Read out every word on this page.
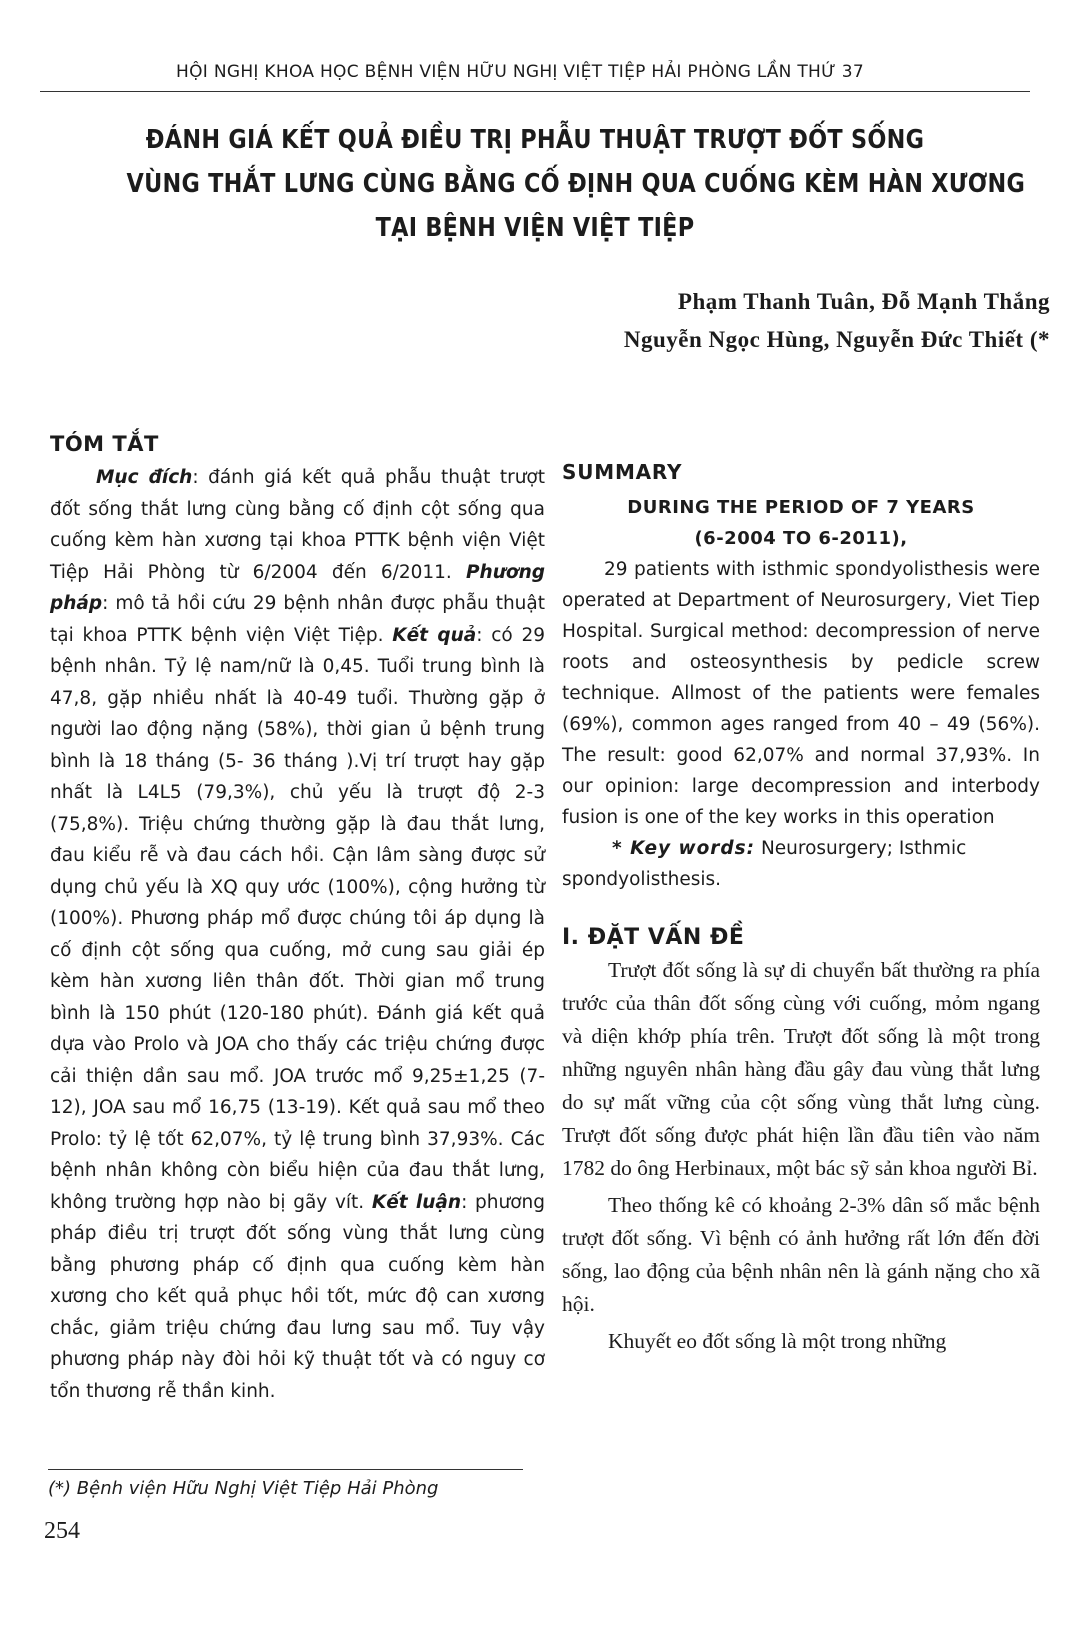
HỘI NGHỊ KHOA HỌC BỆNH VIỆN HỮU NGHỊ VIỆT TIỆP HẢI PHÒNG LẦN THỨ 37
ĐÁNH GIÁ KẾT QUẢ ĐIỀU TRỊ PHẪU THUẬT TRƯỢT ĐỐT SỐNG
VÙNG THẮT LƯNG CÙNG BẰNG CỐ ĐỊNH QUA CUỐNG KÈM HÀN XƯƠNG
TẠI BỆNH VIỆN VIỆT TIỆP
Phạm Thanh Tuân, Đỗ Mạnh Thắng
Nguyễn Ngọc Hùng, Nguyễn Đức Thiết (*
TÓM TẮT

Mục đích: đánh giá kết quả phẫu thuật trượt đốt sống thắt lưng cùng bằng cố định cột sống qua cuống kèm hàn xương tại khoa PTTK bệnh viện Việt Tiệp Hải Phòng từ 6/2004 đến 6/2011. Phương pháp: mô tả hồi cứu 29 bệnh nhân được phẫu thuật tại khoa PTTK bệnh viện Việt Tiệp. Kết quả: có 29 bệnh nhân. Tỷ lệ nam/nữ là 0,45. Tuổi trung bình là 47,8, gặp nhiều nhất là 40-49 tuổi. Thường gặp ở người lao động nặng (58%), thời gian ủ bệnh trung bình là 18 tháng (5- 36 tháng ).Vị trí trượt hay gặp nhất là L4L5 (79,3%), chủ yếu là trượt độ 2-3 (75,8%). Triệu chứng thường gặp là đau thắt lưng, đau kiểu rễ và đau cách hồi. Cận lâm sàng được sử dụng chủ yếu là XQ quy ước (100%), cộng hưởng từ (100%). Phương pháp mổ được chúng tôi áp dụng là cố định cột sống qua cuống, mở cung sau giải ép kèm hàn xương liên thân đốt. Thời gian mổ trung bình là 150 phút (120-180 phút). Đánh giá kết quả dựa vào Prolo và JOA cho thấy các triệu chứng được cải thiện dần sau mổ. JOA trước mổ 9,25±1,25 (7-12), JOA sau mổ 16,75 (13-19). Kết quả sau mổ theo Prolo: tỷ lệ tốt 62,07%, tỷ lệ trung bình 37,93%. Các bệnh nhân không còn biểu hiện của đau thắt lưng, không trường hợp nào bị gãy vít. Kết luận: phương pháp điều trị trượt đốt sống vùng thắt lưng cùng bằng phương pháp cố định qua cuống kèm hàn xương cho kết quả phục hồi tốt, mức độ can xương chắc, giảm triệu chứng đau lưng sau mổ. Tuy vậy phương pháp này đòi hỏi kỹ thuật tốt và có nguy cơ tổn thương rễ thần kinh.

SUMMARY
DURING THE PERIOD OF 7 YEARS
(6-2004 TO 6-2011),

29 patients with isthmic spondyolisthesis were operated at Department of Neurosurgery, Viet Tiep Hospital. Surgical method: decompression of nerve roots and osteosynthesis by pedicle screw technique. Allmost of the patients were females (69%), common ages ranged from 40 – 49 (56%). The result: good 62,07% and normal 37,93%. In our opinion: large decompression and interbody fusion is one of the key works in this operation

* Key words: Neurosurgery; Isthmic spondyolisthesis.

I. ĐẶT VẤN ĐỀ

Trượt đốt sống là sự di chuyển bất thường ra phía trước của thân đốt sống cùng với cuống, mỏm ngang và diện khớp phía trên. Trượt đốt sống là một trong những nguyên nhân hàng đầu gây đau vùng thắt lưng do sự mất vững của cột sống vùng thắt lưng cùng. Trượt đốt sống được phát hiện lần đầu tiên vào năm 1782 do ông Herbinaux, một bác sỹ sản khoa người Bỉ.

Theo thống kê có khoảng 2-3% dân số mắc bệnh trượt đốt sống. Vì bệnh có ảnh hưởng rất lớn đến đời sống, lao động của bệnh nhân nên là gánh nặng cho xã hội.

Khuyết eo đốt sống là một trong những

(*) Bệnh viện Hữu Nghị Việt Tiệp Hải Phòng
254
